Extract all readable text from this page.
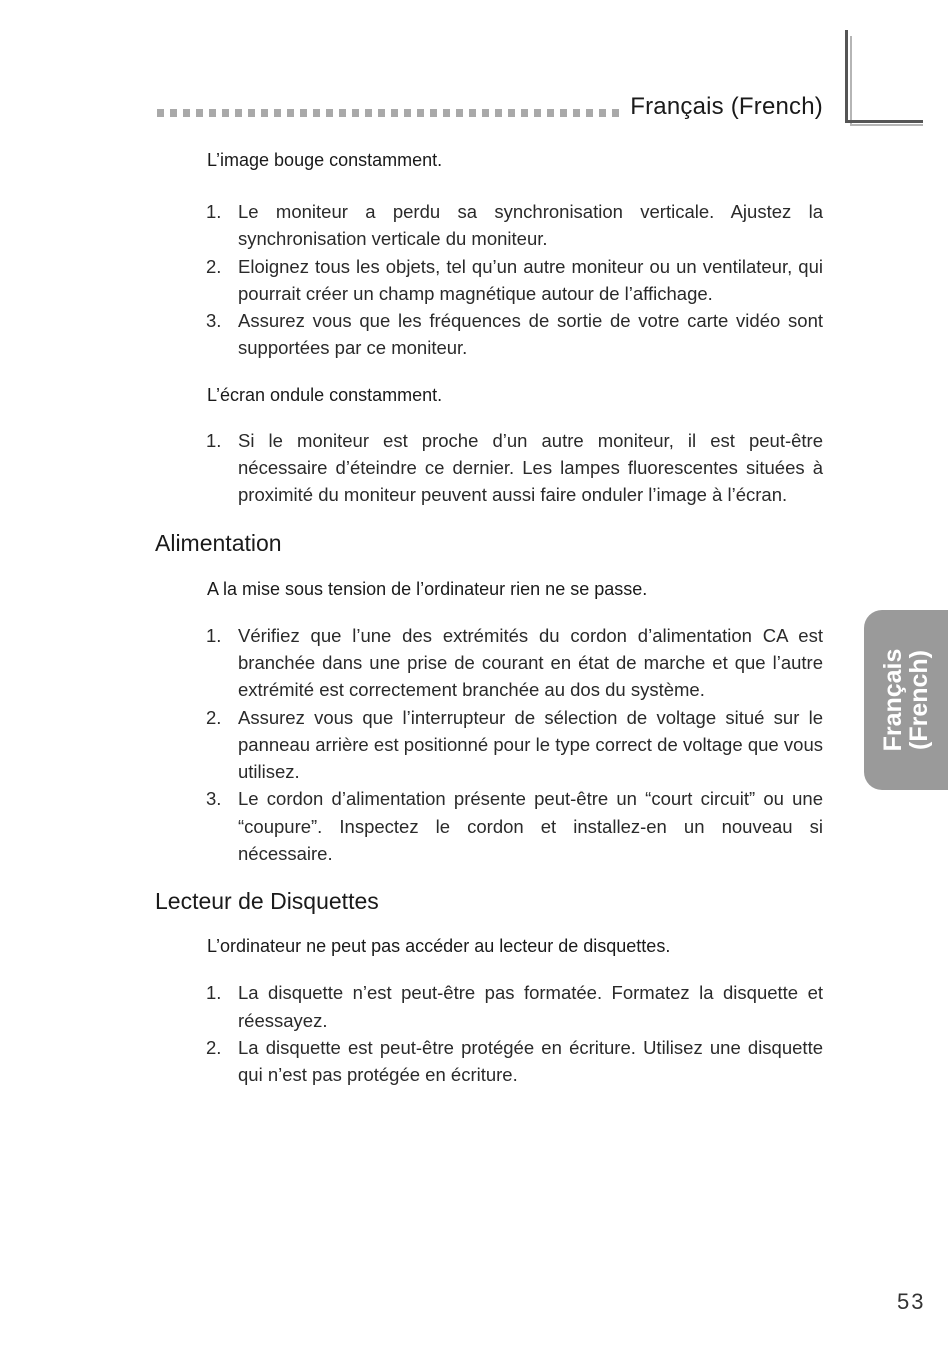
Français (French)
Français
(French)
L’image bouge constamment.
1. Le moniteur a perdu sa synchronisation verticale. Ajustez la synchronisation verticale du moniteur.
2. Eloignez tous les objets, tel qu’un autre moniteur ou un ventilateur, qui pourrait créer un champ magnétique autour de l’affichage.
3. Assurez vous que les fréquences de sortie de votre carte vidéo sont supportées par ce moniteur.
L’écran ondule constamment.
1. Si le moniteur est proche d’un autre moniteur, il est peut-être nécessaire d’éteindre ce dernier. Les lampes fluorescentes situées à proximité du moniteur peuvent aussi faire onduler l’image à l’écran.
Alimentation
A la mise sous tension de l’ordinateur rien ne se passe.
1. Vérifiez que l’une des extrémités du cordon d’alimentation CA est branchée dans une prise de courant en état de marche et que l’autre extrémité est correctement branchée au dos du système.
2. Assurez vous que l’interrupteur de sélection de voltage situé sur le panneau arrière est positionné pour le type correct de voltage que vous utilisez.
3. Le cordon d’alimentation présente peut-être un “court circuit” ou une “coupure”. Inspectez le cordon et installez-en un nouveau si nécessaire.
Lecteur de Disquettes
L’ordinateur ne peut pas accéder au lecteur de disquettes.
1. La disquette n’est peut-être pas formatée. Formatez la disquette et réessayez.
2. La disquette est peut-être protégée en écriture. Utilisez une disquette qui n’est pas protégée en écriture.
53
